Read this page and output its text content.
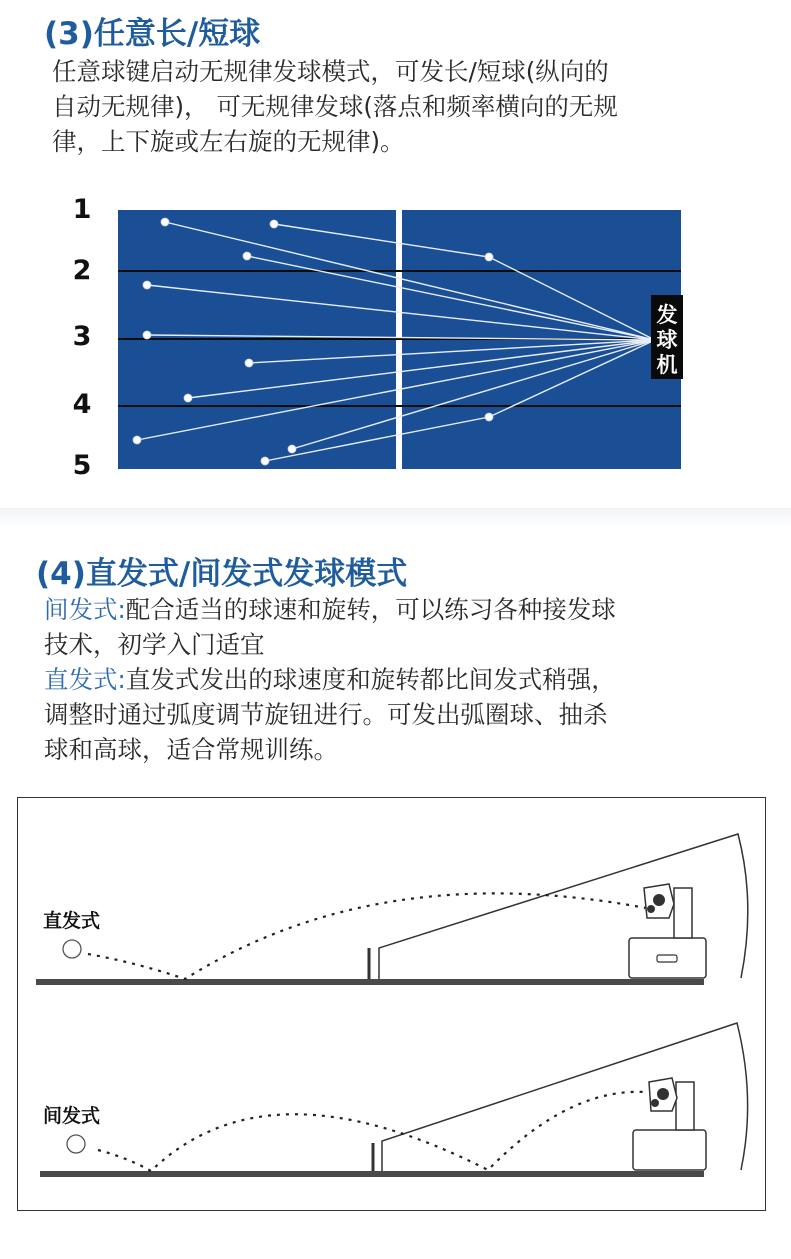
(3)任意长/短球
任意球键启动无规律发球模式，可发长/短球(纵向的
自动无规律)， 可无规律发球(落点和频率横向的无规
律，上下旋或左右旋的无规律)。
1
2
3
4
5
发
球
机
(4)直发式/间发式发球模式
间发式:配合适当的球速和旋转，可以练习各种接发球
技术，初学入门适宜
直发式:直发式发出的球速度和旋转都比间发式稍强，
调整时通过弧度调节旋钮进行。可发出弧圈球、抽杀
球和高球，适合常规训练。
直发式
间发式
